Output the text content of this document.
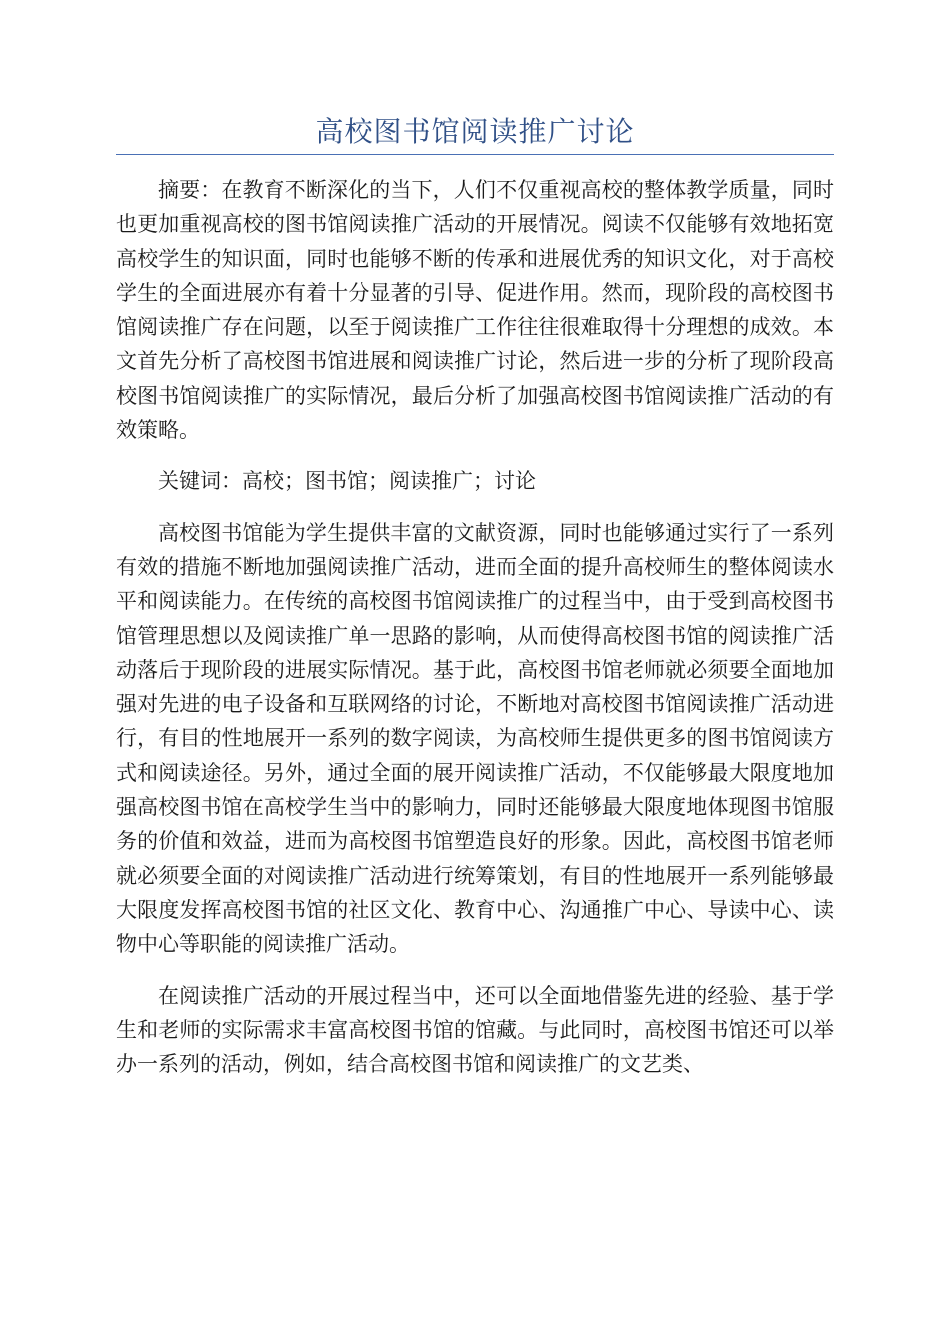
高校图书馆阅读推广讨论

摘要：在教育不断深化的当下，人们不仅重视高校的整体教学质量，同时也更加重视高校的图书馆阅读推广活动的开展情况。阅读不仅能够有效地拓宽高校学生的知识面，同时也能够不断的传承和进展优秀的知识文化，对于高校学生的全面进展亦有着十分显著的引导、促进作用。然而，现阶段的高校图书馆阅读推广存在问题，以至于阅读推广工作往往很难取得十分理想的成效。本文首先分析了高校图书馆进展和阅读推广讨论，然后进一步的分析了现阶段高校图书馆阅读推广的实际情况，最后分析了加强高校图书馆阅读推广活动的有效策略。

关键词：高校；图书馆；阅读推广；讨论

高校图书馆能为学生提供丰富的文献资源，同时也能够通过实行了一系列有效的措施不断地加强阅读推广活动，进而全面的提升高校师生的整体阅读水平和阅读能力。在传统的高校图书馆阅读推广的过程当中，由于受到高校图书馆管理思想以及阅读推广单一思路的影响，从而使得高校图书馆的阅读推广活动落后于现阶段的进展实际情况。基于此，高校图书馆老师就必须要全面地加强对先进的电子设备和互联网络的讨论，不断地对高校图书馆阅读推广活动进行，有目的性地展开一系列的数字阅读，为高校师生提供更多的图书馆阅读方式和阅读途径。另外，通过全面的展开阅读推广活动，不仅能够最大限度地加强高校图书馆在高校学生当中的影响力，同时还能够最大限度地体现图书馆服务的价值和效益，进而为高校图书馆塑造良好的形象。因此，高校图书馆老师就必须要全面的对阅读推广活动进行统筹策划，有目的性地展开一系列能够最大限度发挥高校图书馆的社区文化、教育中心、沟通推广中心、导读中心、读物中心等职能的阅读推广活动。

在阅读推广活动的开展过程当中，还可以全面地借鉴先进的经验、基于学生和老师的实际需求丰富高校图书馆的馆藏。与此同时，高校图书馆还可以举办一系列的活动，例如，结合高校图书馆和阅读推广的文艺类、
